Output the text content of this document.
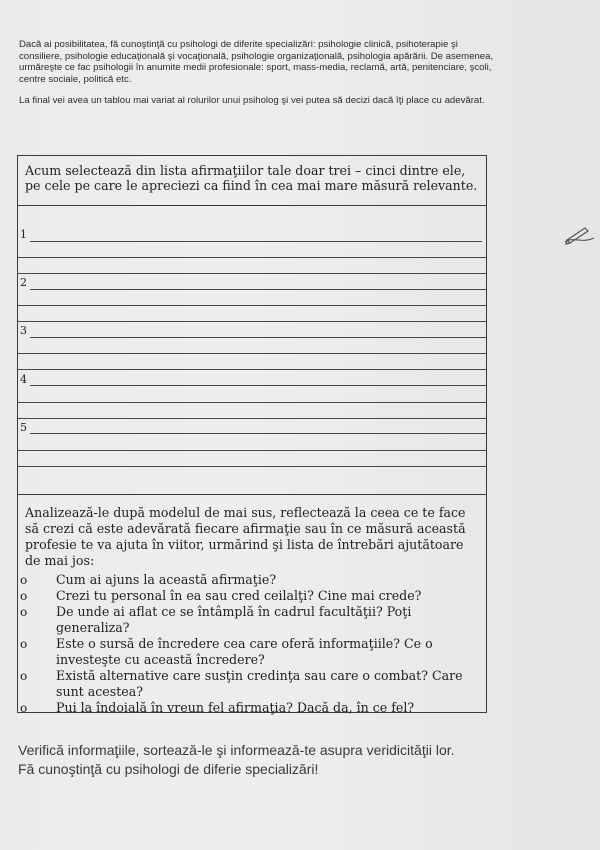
Dacă ai posibilitatea, fă cunoştinţă cu psihologi de diferite specializări: psihologie clinică, psihoterapie şi consiliere, psihologie educaţională şi vocaţională, psihologie organizaţională, psihologia apărării. De asemenea, urmăreşte ce fac psihologii în anumite medii profesionale: sport, mass-media, reclamă, artă, penitenciare, şcoli, centre sociale, politică etc.

La final vei avea un tablou mai variat al rolurilor unui psiholog şi vei putea să decizi dacă îţi place cu adevărat.

Acum selectează din lista afirmaţiilor tale doar trei – cinci dintre ele, pe cele pe care le apreciezi ca fiind în cea mai mare măsură relevante.
1
2
3
4
5
Analizează-le după modelul de mai sus, reflectează la ceea ce te face să crezi că este adevărată fiecare afirmaţie sau în ce măsură această profesie te va ajuta în viitor, urmărind şi lista de întrebări ajutătoare de mai jos:
o Cum ai ajuns la această afirmaţie?
o Crezi tu personal în ea sau cred ceilalţi? Cine mai crede?
o De unde ai aflat ce se întâmplă în cadrul facultăţii? Poţi generaliza?
o Este o sursă de încredere cea care oferă informaţiile? Ce o investeşte cu această încredere?
o Există alternative care susţin credinţa sau care o combat? Care sunt acestea?
o Pui la îndoială în vreun fel afirmaţia? Dacă da, în ce fel?
Verifică informaţiile, sortează-le şi informează-te asupra veridicităţii lor.
Fă cunoştinţă cu psihologi de diferie specializări!
